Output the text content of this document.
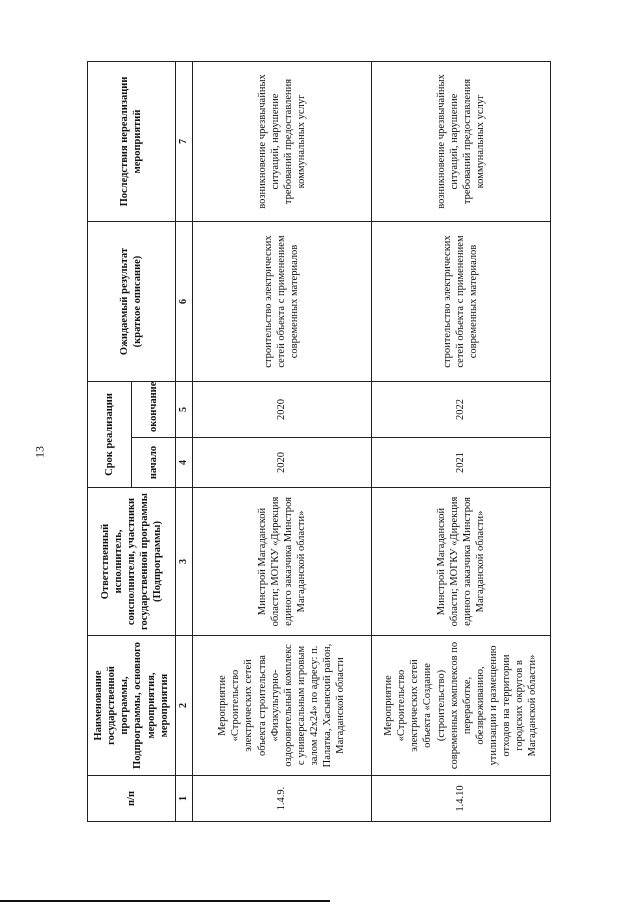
13
п/п	Наименование государственной программы, Подпрограммы, основного мероприятия, мероприятия	Ответственный исполнитель, соисполнители, участники государственной программы (Подпрограммы)	Срок реализации		Ожидаемый результат (краткое описание)	Последствия нереализации мероприятий
			начало	окончание		
1	2	3	4	5	6	7
1.4.9.	Мероприятие «Строительство электрических сетей объекта строительства «Физкультурно-оздоровительный комплекс с универсальным игровым залом 42х24» по адресу: п. Палатка, Хасынский район, Магаданской области	Минстрой Магаданской области; МОГКУ «Дирекция единого заказчика Минстроя Магаданской области»	2020	2020	строительство электрических сетей объекта с применением современных материалов	возникновение чрезвычайных ситуаций, нарушение требований предоставления коммунальных услуг
1.4.10	Мероприятие «Строительство электрических сетей объекта «Создание (строительство) современных комплексов по переработке, обезвреживанию, утилизации и размещению отходов на территории городских округов в Магаданской области»	Минстрой Магаданской области; МОГКУ «Дирекция единого заказчика Минстроя Магаданской области»	2021	2022	строительство электрических сетей объекта с применением современных материалов	возникновение чрезвычайных ситуаций, нарушение требований предоставления коммунальных услуг
